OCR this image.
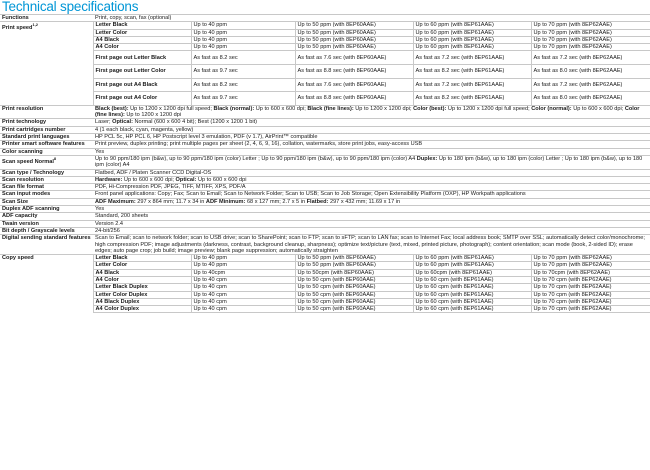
Technical specifications
Functions	Print, copy, scan, fax (optional)				
Print speed$^{1,2}$	Letter Black	Up to 40 ppm	Up to 50 ppm (with 8EP60AAE)	Up to 60 ppm (with 8EP61AAE)	Up to 70 ppm (with 8EP62AAE)
	Letter Color	Up to 40 ppm	Up to 50 ppm (with 8EP60AAE)	Up to 60 ppm (with 8EP61AAE)	Up to 70 ppm (with 8EP62AAE)
	A4 Black	Up to 40 ppm	Up to 50 ppm (with 8EP60AAE)	Up to 60 ppm (with 8EP61AAE)	Up to 70 ppm (with 8EP62AAE)
	A4 Color	Up to 40 ppm	Up to 50 ppm (with 8EP60AAE)	Up to 60 ppm (with 8EP61AAE)	Up to 70 ppm (with 8EP62AAE)
	First page out Letter Black	As fast as 8.2 sec	As fast as 7.6 sec (with 8EP60AAE)	As fast as 7.2 sec (with 8EP61AAE)	As fast as 7.2 sec (with 8EP62AAE)
	First page out Letter Color	As fast as 9.7 sec	As fast as 8.8 sec (with 8EP60AAE)	As fast as 8.2 sec (with 8EP61AAE)	As fast as 8.0 sec (with 8EP62AAE)
	First page out A4 Black	As fast as 8.2 sec	As fast as 7.6 sec (with 8EP60AAE)	As fast as 7.2 sec (with 8EP61AAE)	As fast as 7.2 sec (with 8EP62AAE)
	First page out A4 Color	As fast as 9.7 sec	As fast as 8.8 sec (with 8EP60AAE)	As fast as 8.2 sec (with 8EP61AAE)	As fast as 8.0 sec (with 8EP62AAE)
Print resolution	Black (best): Up to 1200 x 1200 dpi full speed; Black (normal): Up to 600 x 600 dpi; Black (fine lines): Up to 1200 x 1200 dpi; Color (best): Up to 1200 x 1200 dpi full speed; Color (normal): Up to 600 x 600 dpi; Color (fine lines): Up to 1200 x 1200 dpi				
Print technology	Laser; Optical: Normal (600 x 600 4 bit); Best (1200 x 1200 1 bit)				
Print cartridges number	4 (1 each black, cyan, magenta, yellow)				
Standard print languages	HP PCL 5c, HP PCL 6, HP Postscript level 3 emulation, PDF (v 1.7), AirPrint™ compatible				
Printer smart software features	Print preview, duplex printing; print multiple pages per sheet (2, 4, 6, 9, 16), collation, watermarks, store print jobs, easy-access USB				
Color scanning	Yes				
Scan speed Normal$^8$	Up to 90 ppm/180 ipm (b&w), up to 90 ppm/180 ipm (color) Letter ; Up to 90 ppm/180 ipm (b&w), up to 90 ppm/180 ipm (color) A4 Duplex: Up to 180 ipm (b&w), up to 180 ipm (color) Letter ; Up to 180 ipm (b&w), up to 180 ipm (color) A4				
Scan type / Technology	Flatbed, ADF / Platen Scanner CCD Digital-OS				
Scan resolution	Hardware: Up to 600 x 600 dpi; Optical: Up to 600 x 600 dpi				
Scan file format	PDF, Hi-Compression PDF, JPEG, TIFF, MTIFF, XPS, PDF/A				
Scan input modes	Front panel applications: Copy; Fax; Scan to Email; Scan to Network Folder; Scan to USB; Scan to Job Storage; Open Extensibility Platform (OXP), HP Workpath applications				
Scan Size	ADF Maximum: 297 x 864 mm; 11.7 x 34 in ADF Minimum: 68 x 127 mm; 2.7 x 5 in Flatbed: 297 x 432 mm; 11.69 x 17 in				
Duplex ADF scanning	Yes				
ADF capacity	Standard, 200 sheets				
Twain version	Version 2.4				
Bit depth / Grayscale levels	24-bit/256				
Digital sending standard features	Scan to Email; scan to network folder; scan to USB drive; scan to SharePoint; scan to FTP; scan to sFTP; scan to LAN fax; scan to Internet Fax; local address book; SMTP over SSL; automatically detect color/monochrome; high compression PDF; image adjustments (darkness, contrast, background cleanup, sharpness); optimize text/picture (text, mixed, printed picture, photograph); content orientation; scan mode (book, 2-sided ID); erase edges; auto page crop; job build; image preview; blank page suppression; automatically straighten				
Copy speed	Letter Black	Up to 40 ppm	Up to 50 ppm (with 8EP60AAE)	Up to 60 ppm (with 8EP61AAE)	Up to 70 ppm (with 8EP62AAE)
	Letter Color	Up to 40 ppm	Up to 50 ppm (with 8EP60AAE)	Up to 60 ppm (with 8EP61AAE)	Up to 70 ppm (with 8EP62AAE)
	A4 Black	Up to 40cpm	Up to 50cpm (with 8EP60AAE)	Up to 60cpm (with 8EP61AAE)	Up to 70cpm (with 8EP62AAE)
	A4 Color	Up to 40 cpm	Up to 50 cpm (with 8EP60AAE)	Up to 60 cpm (with 8EP61AAE)	Up to 70 cpm (with 8EP62AAE)
	Letter Black Duplex	Up to 40 cpm	Up to 50 cpm (with 8EP60AAE)	Up to 60 cpm (with 8EP61AAE)	Up to 70 cpm (with 8EP62AAE)
	Letter Color Duplex	Up to 40 cpm	Up to 50 cpm (with 8EP60AAE)	Up to 60 cpm (with 8EP61AAE)	Up to 70 cpm (with 8EP62AAE)
	A4 Black Duplex	Up to 40 cpm	Up to 50 cpm (with 8EP60AAE)	Up to 60 cpm (with 8EP61AAE)	Up to 70 cpm (with 8EP62AAE)
	A4 Color Duplex	Up to 40 cpm	Up to 50 cpm (with 8EP60AAE)	Up to 60 cpm (with 8EP61AAE)	Up to 70 cpm (with 8EP62AAE)
